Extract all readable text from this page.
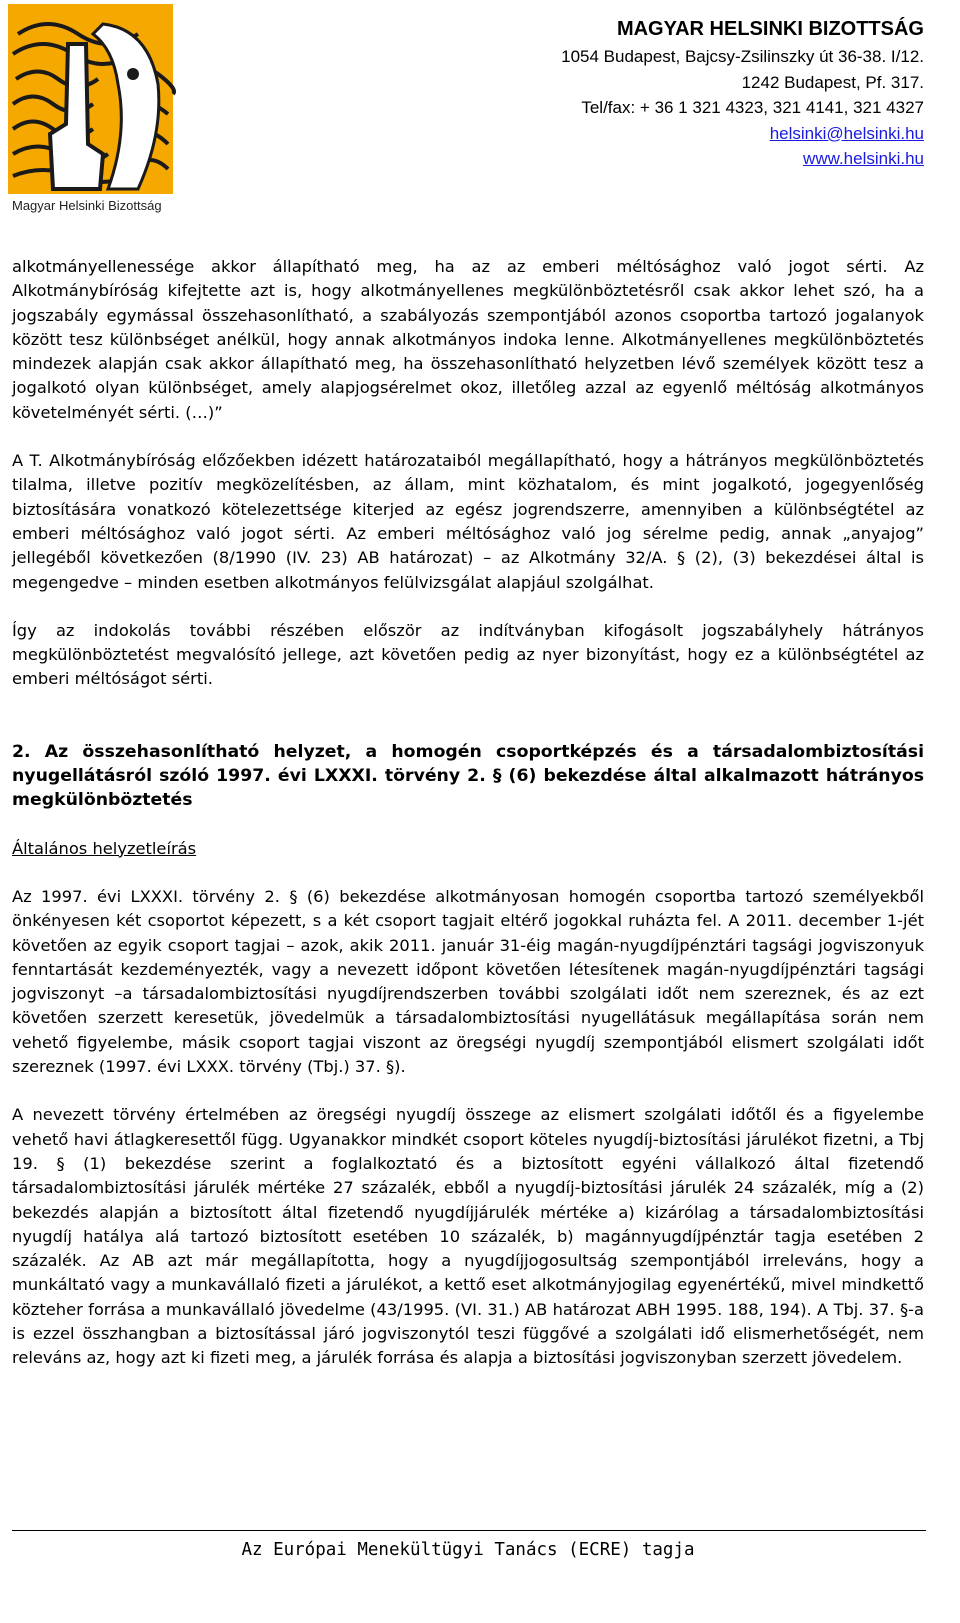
Magyar Helsinki Bizottság
MAGYAR HELSINKI BIZOTTSÁG
1054 Budapest, Bajcsy-Zsilinszky út 36-38. I/12.
1242 Budapest, Pf. 317.
Tel/fax: + 36 1 321 4323, 321 4141, 321 4327
helsinki@helsinki.hu
www.helsinki.hu

alkotmányellenessége akkor állapítható meg, ha az az emberi méltósághoz való jogot sérti. Az Alkotmánybíróság kifejtette azt is, hogy alkotmányellenes megkülönböztetésről csak akkor lehet szó, ha a jogszabály egymással összehasonlítható, a szabályozás szempontjából azonos csoportba tartozó jogalanyok között tesz különbséget anélkül, hogy annak alkotmányos indoka lenne. Alkotmányellenes megkülönböztetés mindezek alapján csak akkor állapítható meg, ha összehasonlítható helyzetben lévő személyek között tesz a jogalkotó olyan különbséget, amely alapjogsérelmet okoz, illetőleg azzal az egyenlő méltóság alkotmányos követelményét sérti. (…)”

A T. Alkotmánybíróság előzőekben idézett határozataiból megállapítható, hogy a hátrányos megkülönböztetés tilalma, illetve pozitív megközelítésben, az állam, mint közhatalom, és mint jogalkotó, jogegyenlőség biztosítására vonatkozó kötelezettsége kiterjed az egész jogrendszerre, amennyiben a különbségtétel az emberi méltósághoz való jogot sérti. Az emberi méltósághoz való jog sérelme pedig, annak „anyajog” jellegéből következően (8/1990 (IV. 23) AB határozat) – az Alkotmány 32/A. § (2), (3) bekezdései által is megengedve – minden esetben alkotmányos felülvizsgálat alapjául szolgálhat.

Így az indokolás további részében először az indítványban kifogásolt jogszabályhely hátrányos megkülönböztetést megvalósító jellege, azt követően pedig az nyer bizonyítást, hogy ez a különbségtétel az emberi méltóságot sérti.

2. Az összehasonlítható helyzet, a homogén csoportképzés és a társadalombiztosítási nyugellátásról szóló 1997. évi LXXXI. törvény 2. § (6) bekezdése által alkalmazott hátrányos megkülönböztetés

Általános helyzetleírás

Az 1997. évi LXXXI. törvény 2. § (6) bekezdése alkotmányosan homogén csoportba tartozó személyekből önkényesen két csoportot képezett, s a két csoport tagjait eltérő jogokkal ruházta fel. A 2011. december 1-jét követően az egyik csoport tagjai – azok, akik 2011. január 31-éig magán-nyugdíjpénztári tagsági jogviszonyuk fenntartását kezdeményezték, vagy a nevezett időpont követően létesítenek magán-nyugdíjpénztári tagsági jogviszonyt –a társadalombiztosítási nyugdíjrendszerben további szolgálati időt nem szereznek, és az ezt követően szerzett keresetük, jövedelmük a társadalombiztosítási nyugellátásuk megállapítása során nem vehető figyelembe, másik csoport tagjai viszont az öregségi nyugdíj szempontjából elismert szolgálati időt szereznek (1997. évi LXXX. törvény (Tbj.) 37. §).

A nevezett törvény értelmében az öregségi nyugdíj összege az elismert szolgálati időtől és a figyelembe vehető havi átlagkeresettől függ. Ugyanakkor mindkét csoport köteles nyugdíj-biztosítási járulékot fizetni, a Tbj 19. § (1) bekezdése szerint a foglalkoztató és a biztosított egyéni vállalkozó által fizetendő társadalombiztosítási járulék mértéke 27 százalék, ebből a nyugdíj-biztosítási járulék 24 százalék, míg a (2) bekezdés alapján a biztosított által fizetendő nyugdíjjárulék mértéke a) kizárólag a társadalombiztosítási nyugdíj hatálya alá tartozó biztosított esetében 10 százalék, b) magánnyugdíjpénztár tagja esetében 2 százalék. Az AB azt már megállapította, hogy a nyugdíjjogosultság szempontjából irreleváns, hogy a munkáltató vagy a munkavállaló fizeti a járulékot, a kettő eset alkotmányjogilag egyenértékű, mivel mindkettő közteher forrása a munkavállaló jövedelme (43/1995. (VI. 31.) AB határozat ABH 1995. 188, 194). A Tbj. 37. §-a is ezzel összhangban a biztosítással járó jogviszonytól teszi függővé a szolgálati idő elismerhetőségét, nem releváns az, hogy azt ki fizeti meg, a járulék forrása és alapja a biztosítási jogviszonyban szerzett jövedelem.

Az Európai Menekültügyi Tanács (ECRE) tagja
